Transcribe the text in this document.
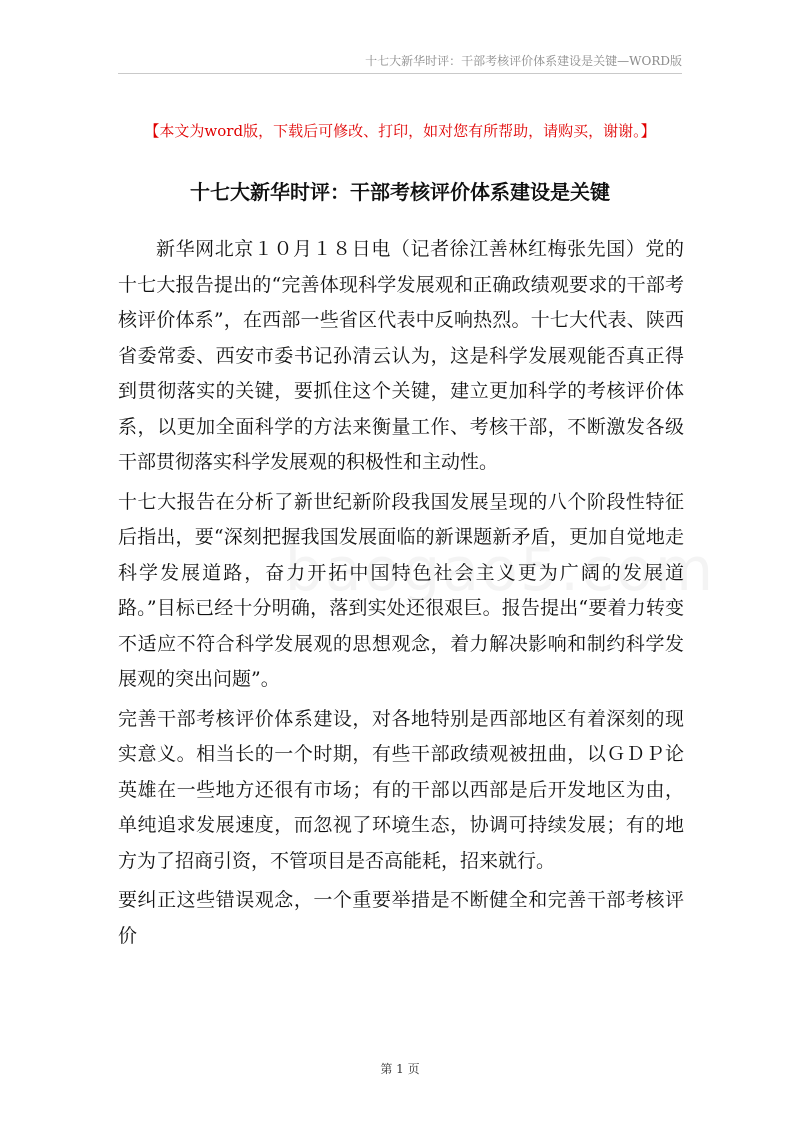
十七大新华时评：干部考核评价体系建设是关键—WORD版
【本文为word版，下载后可修改、打印，如对您有所帮助，请购买，谢谢。】
十七大新华时评：干部考核评价体系建设是关键

新华网北京１０月１８日电（记者徐江善林红梅张先国）党的十七大报告提出的“完善体现科学发展观和正确政绩观要求的干部考核评价体系”，在西部一些省区代表中反响热烈。十七大代表、陕西省委常委、西安市委书记孙清云认为，这是科学发展观能否真正得到贯彻落实的关键，要抓住这个关键，建立更加科学的考核评价体系，以更加全面科学的方法来衡量工作、考核干部，不断激发各级干部贯彻落实科学发展观的积极性和主动性。

十七大报告在分析了新世纪新阶段我国发展呈现的八个阶段性特征后指出，要“深刻把握我国发展面临的新课题新矛盾，更加自觉地走科学发展道路，奋力开拓中国特色社会主义更为广阔的发展道路。”目标已经十分明确，落到实处还很艰巨。报告提出“要着力转变不适应不符合科学发展观的思想观念，着力解决影响和制约科学发展观的突出问题”。

完善干部考核评价体系建设，对各地特别是西部地区有着深刻的现实意义。相当长的一个时期，有些干部政绩观被扭曲，以ＧＤＰ论英雄在一些地方还很有市场；有的干部以西部是后开发地区为由，单纯追求发展速度，而忽视了环境生态，协调可持续发展；有的地方为了招商引资，不管项目是否高能耗，招来就行。

要纠正这些错误观念，一个重要举措是不断健全和完善干部考核评价

第 1 页
